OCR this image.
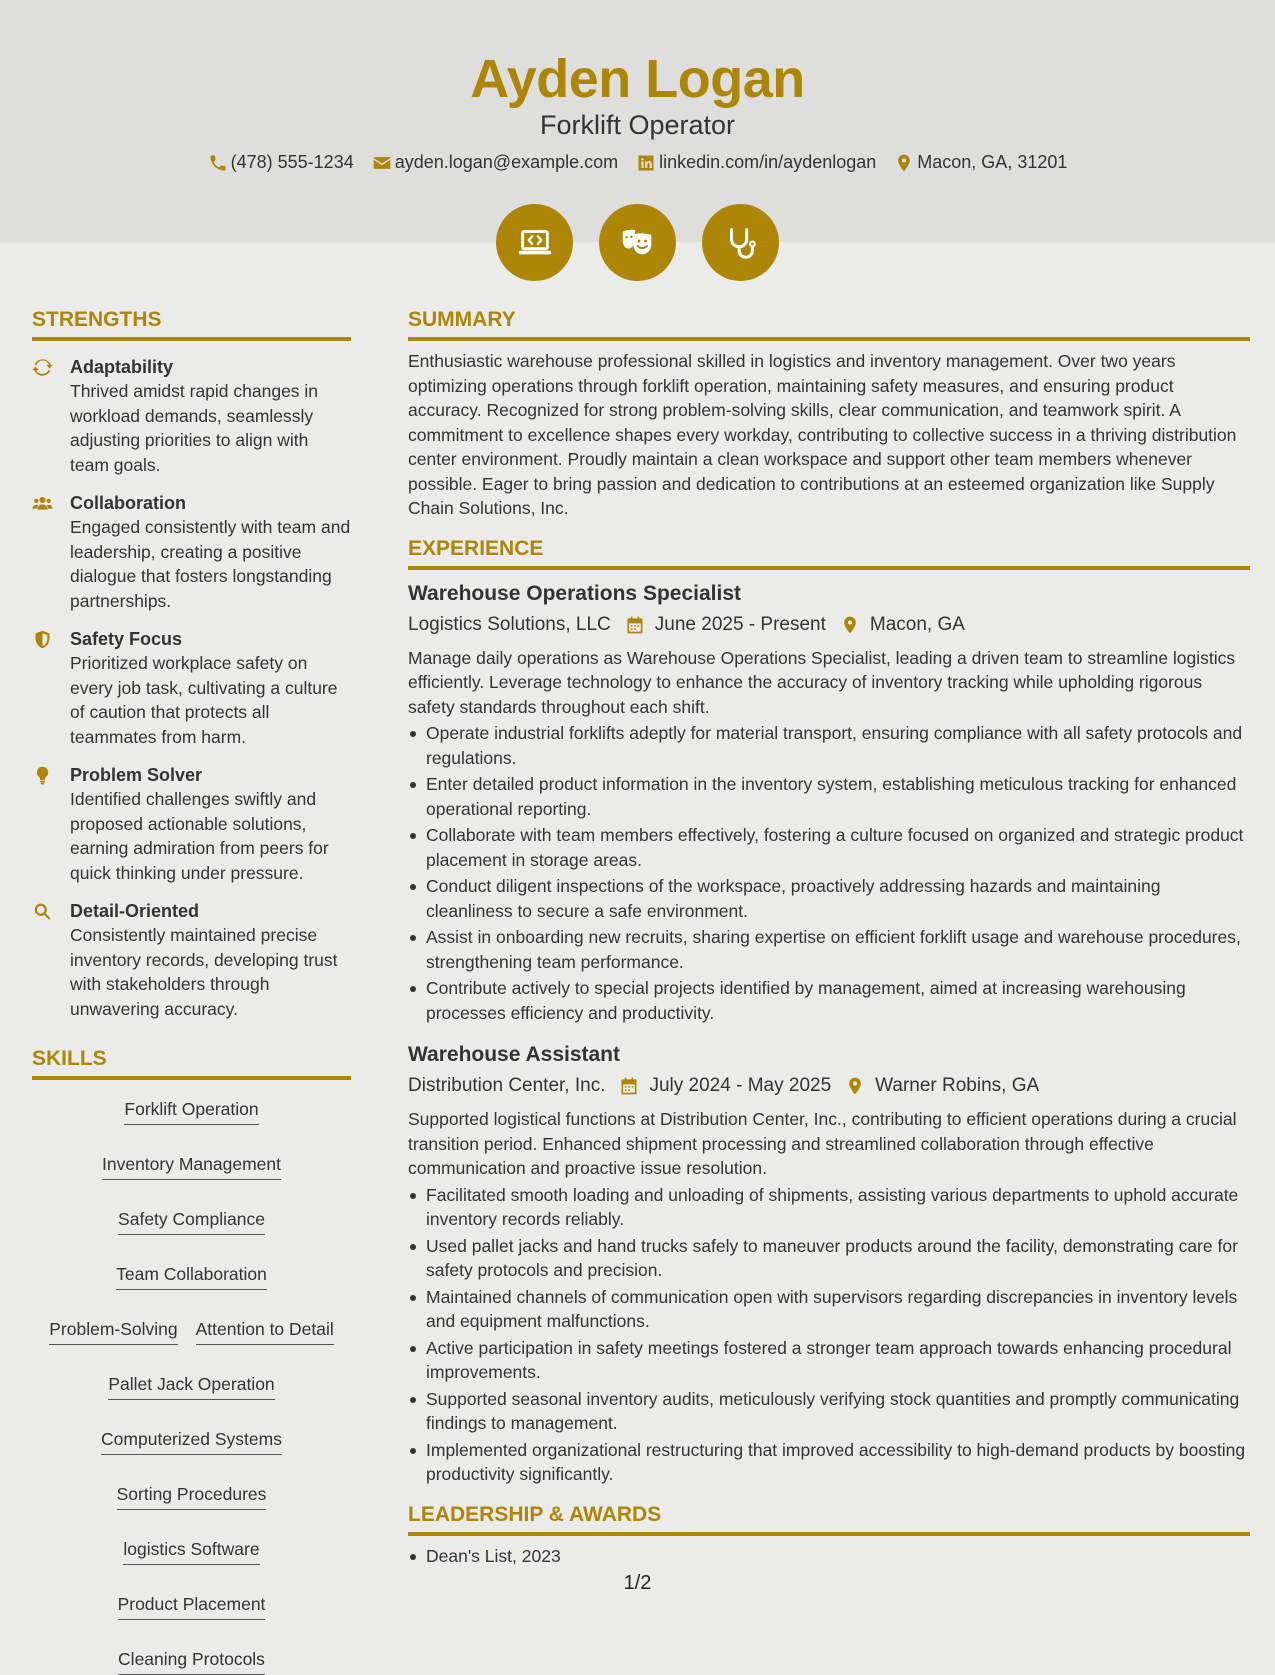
Ayden Logan
Forklift Operator
(478) 555-1234 ayden.logan@example.com linkedin.com/in/aydenlogan Macon, GA, 31201
STRENGTHS
Adaptability
Thrived amidst rapid changes in workload demands, seamlessly adjusting priorities to align with team goals.
Collaboration
Engaged consistently with team and leadership, creating a positive dialogue that fosters longstanding partnerships.
Safety Focus
Prioritized workplace safety on every job task, cultivating a culture of caution that protects all teammates from harm.
Problem Solver
Identified challenges swiftly and proposed actionable solutions, earning admiration from peers for quick thinking under pressure.
Detail-Oriented
Consistently maintained precise inventory records, developing trust with stakeholders through unwavering accuracy.
SKILLS
Forklift Operation
Inventory Management
Safety Compliance
Team Collaboration
Problem-Solving Attention to Detail
Pallet Jack Operation
Computerized Systems
Sorting Procedures
logistics Software
Product Placement
Cleaning Protocols
SUMMARY
Enthusiastic warehouse professional skilled in logistics and inventory management. Over two years optimizing operations through forklift operation, maintaining safety measures, and ensuring product accuracy. Recognized for strong problem-solving skills, clear communication, and teamwork spirit. A commitment to excellence shapes every workday, contributing to collective success in a thriving distribution center environment. Proudly maintain a clean workspace and support other team members whenever possible. Eager to bring passion and dedication to contributions at an esteemed organization like Supply Chain Solutions, Inc.
EXPERIENCE
Warehouse Operations Specialist
Logistics Solutions, LLC June 2025 - Present Macon, GA
Manage daily operations as Warehouse Operations Specialist, leading a driven team to streamline logistics efficiently. Leverage technology to enhance the accuracy of inventory tracking while upholding rigorous safety standards throughout each shift.
Operate industrial forklifts adeptly for material transport, ensuring compliance with all safety protocols and regulations.
Enter detailed product information in the inventory system, establishing meticulous tracking for enhanced operational reporting.
Collaborate with team members effectively, fostering a culture focused on organized and strategic product placement in storage areas.
Conduct diligent inspections of the workspace, proactively addressing hazards and maintaining cleanliness to secure a safe environment.
Assist in onboarding new recruits, sharing expertise on efficient forklift usage and warehouse procedures, strengthening team performance.
Contribute actively to special projects identified by management, aimed at increasing warehousing processes efficiency and productivity.
Warehouse Assistant
Distribution Center, Inc. July 2024 - May 2025 Warner Robins, GA
Supported logistical functions at Distribution Center, Inc., contributing to efficient operations during a crucial transition period. Enhanced shipment processing and streamlined collaboration through effective communication and proactive issue resolution.
Facilitated smooth loading and unloading of shipments, assisting various departments to uphold accurate inventory records reliably.
Used pallet jacks and hand trucks safely to maneuver products around the facility, demonstrating care for safety protocols and precision.
Maintained channels of communication open with supervisors regarding discrepancies in inventory levels and equipment malfunctions.
Active participation in safety meetings fostered a stronger team approach towards enhancing procedural improvements.
Supported seasonal inventory audits, meticulously verifying stock quantities and promptly communicating findings to management.
Implemented organizational restructuring that improved accessibility to high-demand products by boosting productivity significantly.
LEADERSHIP & AWARDS
Dean's List, 2023
1/2
